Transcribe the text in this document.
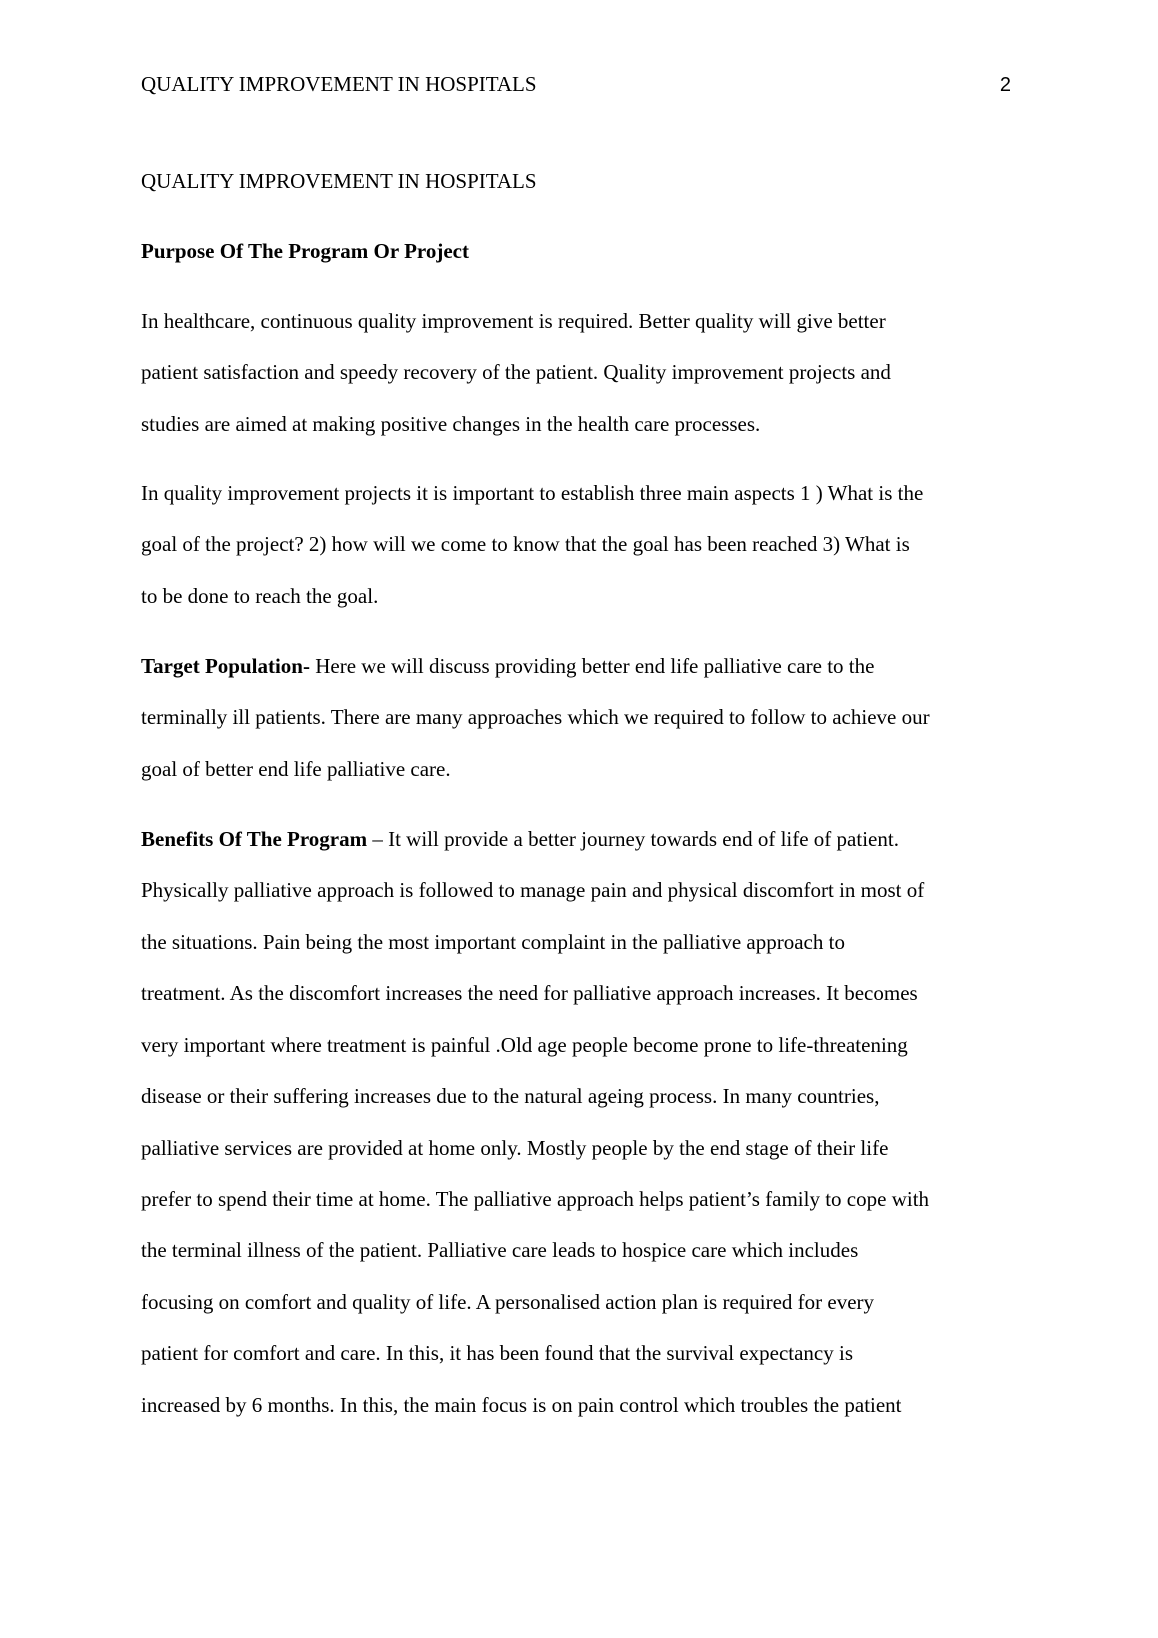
QUALITY IMPROVEMENT IN HOSPITALS	2
QUALITY IMPROVEMENT IN HOSPITALS
Purpose Of The Program Or Project
In healthcare, continuous quality improvement is required. Better quality will give better
patient satisfaction and speedy recovery of the patient. Quality improvement projects and
studies are aimed at making positive changes in the health care processes.
In quality improvement projects it is important to establish three main aspects 1 ) What is the
goal of the project? 2) how will we come to know that the goal has been reached 3) What is
to be done to reach the goal.
Target Population- Here we will discuss providing better end life palliative care to the
terminally ill patients. There are many approaches which we required to follow to achieve our
goal of better end life palliative care.
Benefits Of The Program – It will provide a better journey towards end of life of patient.
Physically palliative approach is followed to manage pain and physical discomfort in most of
the situations. Pain being the most important complaint in the palliative approach to
treatment. As the discomfort increases the need for palliative approach increases. It becomes
very important where treatment is painful .Old age people become prone to life-threatening
disease or their suffering increases due to the natural ageing process. In many countries,
palliative services are provided at home only. Mostly people by the end stage of their life
prefer to spend their time at home. The palliative approach helps patient’s family to cope with
the terminal illness of the patient. Palliative care leads to hospice care which includes
focusing on comfort and quality of life. A personalised action plan is required for every
patient for comfort and care. In this, it has been found that the survival expectancy is
increased by 6 months. In this, the main focus is on pain control which troubles the patient
